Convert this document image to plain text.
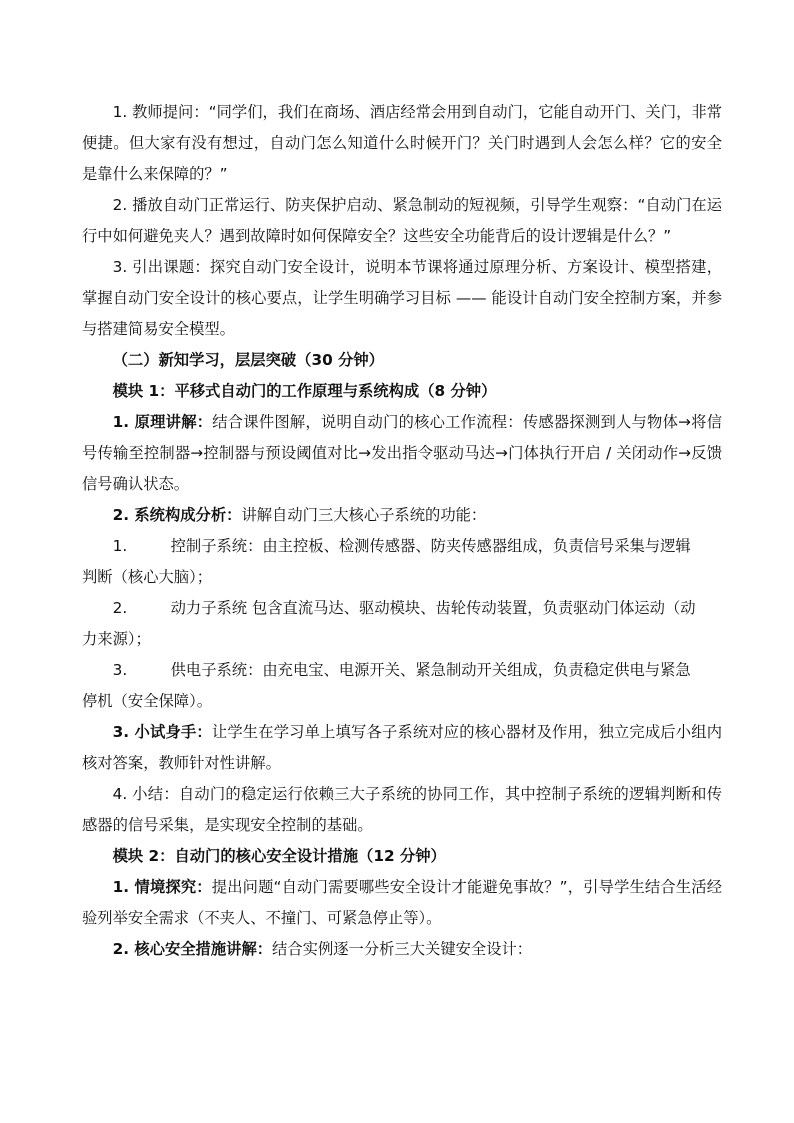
1. 教师提问：“同学们，我们在商场、酒店经常会用到自动门，它能自动开门、关门，非常便捷。但大家有没有想过，自动门怎么知道什么时候开门？关门时遇到人会怎么样？它的安全是靠什么来保障的？”

2. 播放自动门正常运行、防夹保护启动、紧急制动的短视频，引导学生观察：“自动门在运行中如何避免夹人？遇到故障时如何保障安全？这些安全功能背后的设计逻辑是什么？”

3. 引出课题：探究自动门安全设计，说明本节课将通过原理分析、方案设计、模型搭建，掌握自动门安全设计的核心要点，让学生明确学习目标 —— 能设计自动门安全控制方案，并参与搭建简易安全模型。

（二）新知学习，层层突破（30 分钟）

模块 1：平移式自动门的工作原理与系统构成（8 分钟）

1. 原理讲解：结合课件图解，说明自动门的核心工作流程：传感器探测到人与物体→将信号传输至控制器→控制器与预设阈值对比→发出指令驱动马达→门体执行开启 / 关闭动作→反馈信号确认状态。

2. 系统构成分析：讲解自动门三大核心子系统的功能：

1.	控制子系统：由主控板、检测传感器、防夹传感器组成，负责信号采集与逻辑
判断（核心大脑）；
2.	动力子系统 包含直流马达、驱动模块、齿轮传动装置，负责驱动门体运动（动
力来源）；
3.	供电子系统：由充电宝、电源开关、紧急制动开关组成，负责稳定供电与紧急
停机（安全保障）。

3. 小试身手：让学生在学习单上填写各子系统对应的核心器材及作用，独立完成后小组内核对答案，教师针对性讲解。

4. 小结：自动门的稳定运行依赖三大子系统的协同工作，其中控制子系统的逻辑判断和传感器的信号采集，是实现安全控制的基础。

模块 2：自动门的核心安全设计措施（12 分钟）

1. 情境探究：提出问题“自动门需要哪些安全设计才能避免事故？”，引导学生结合生活经验列举安全需求（不夹人、不撞门、可紧急停止等）。

2. 核心安全措施讲解：结合实例逐一分析三大关键安全设计：
